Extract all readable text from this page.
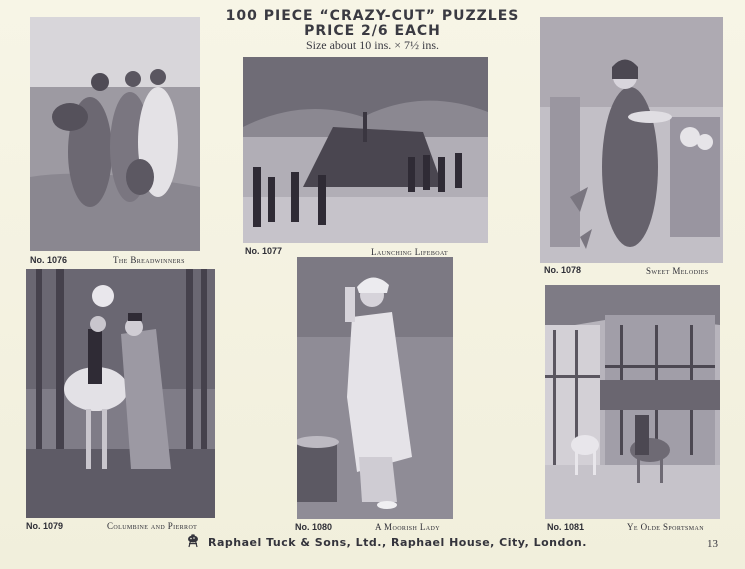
100 PIECE “CRAZY-CUT” PUZZLES
PRICE 2/6 EACH
Size about 10 ins. × 7½ ins.
No. 1076	The Breadwinners
No. 1077	Launching Lifeboat
No. 1078	Sweet Melodies
No. 1079	Columbine and Pierrot	No. 1080	A Moorish Lady	No. 1081	Ye Olde Sportsman
Raphael Tuck & Sons, Ltd., Raphael House, City, London.	13
